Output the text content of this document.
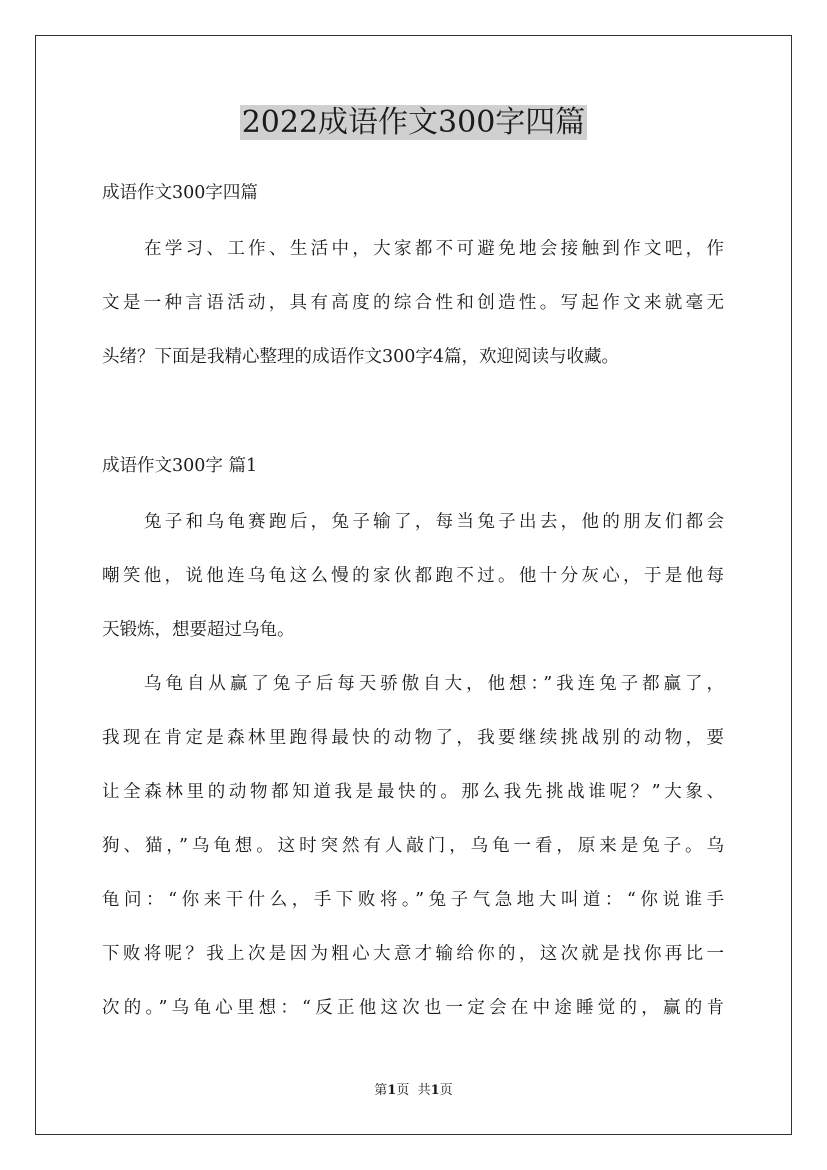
2022成语作文300字四篇

成语作文300字四篇

在学习、工作、生活中，大家都不可避免地会接触到作文吧，作

文是一种言语活动，具有高度的综合性和创造性。写起作文来就毫无

头绪？下面是我精心整理的成语作文300字4篇，欢迎阅读与收藏。

成语作文300字 篇1

兔子和乌龟赛跑后，兔子输了，每当兔子出去，他的朋友们都会

嘲笑他，说他连乌龟这么慢的家伙都跑不过。他十分灰心，于是他每

天锻炼，想要超过乌龟。

乌龟自从赢了兔子后每天骄傲自大，他想：”我连兔子都赢了，

我现在肯定是森林里跑得最快的动物了，我要继续挑战别的动物，要

让全森林里的动物都知道我是最快的。那么我先挑战谁呢？”大象、

狗、猫，”乌龟想。这时突然有人敲门，乌龟一看，原来是兔子。乌

龟问：“你来干什么，手下败将。”兔子气急地大叫道：“你说谁手

下败将呢？我上次是因为粗心大意才输给你的，这次就是找你再比一

次的。”乌龟心里想：“反正他这次也一定会在中途睡觉的，赢的肯

第1页 共1页
